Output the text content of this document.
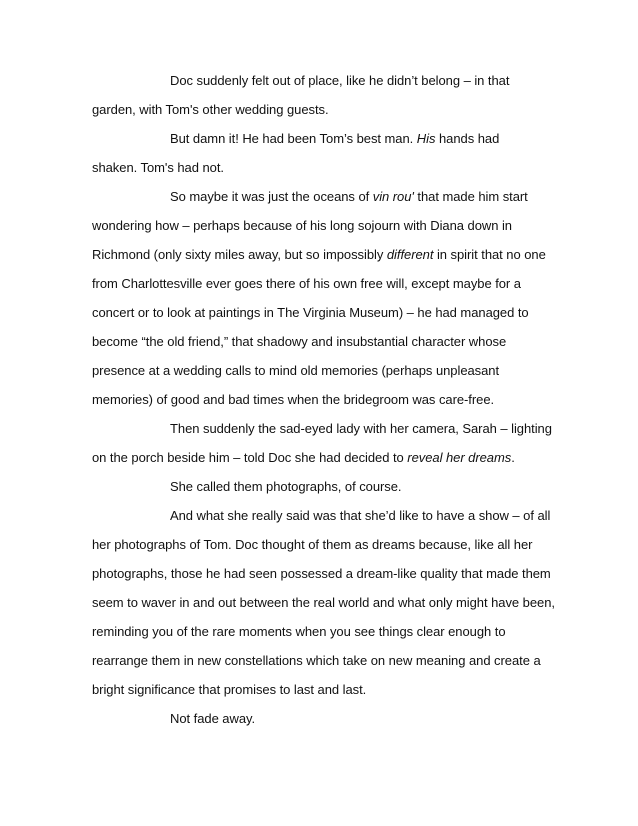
Doc suddenly felt out of place, like he didn’t belong – in that
garden, with Tom's other wedding guests.
But damn it! He had been Tom’s best man. His hands had
shaken. Tom's had not.
So maybe it was just the oceans of vin rou' that made him start
wondering how – perhaps because of his long sojourn with Diana down in
Richmond (only sixty miles away, but so impossibly different in spirit that no one
from Charlottesville ever goes there of his own free will, except maybe for a
concert or to look at paintings in The Virginia Museum) – he had managed to
become “the old friend,” that shadowy and insubstantial character whose
presence at a wedding calls to mind old memories (perhaps unpleasant
memories) of good and bad times when the bridegroom was care-free.
Then suddenly the sad-eyed lady with her camera, Sarah – lighting
on the porch beside him – told Doc she had decided to reveal her dreams.
She called them photographs, of course.
And what she really said was that she’d like to have a show – of all
her photographs of Tom. Doc thought of them as dreams because, like all her
photographs, those he had seen possessed a dream-like quality that made them
seem to waver in and out between the real world and what only might have been,
reminding you of the rare moments when you see things clear enough to
rearrange them in new constellations which take on new meaning and create a
bright significance that promises to last and last.
Not fade away.
